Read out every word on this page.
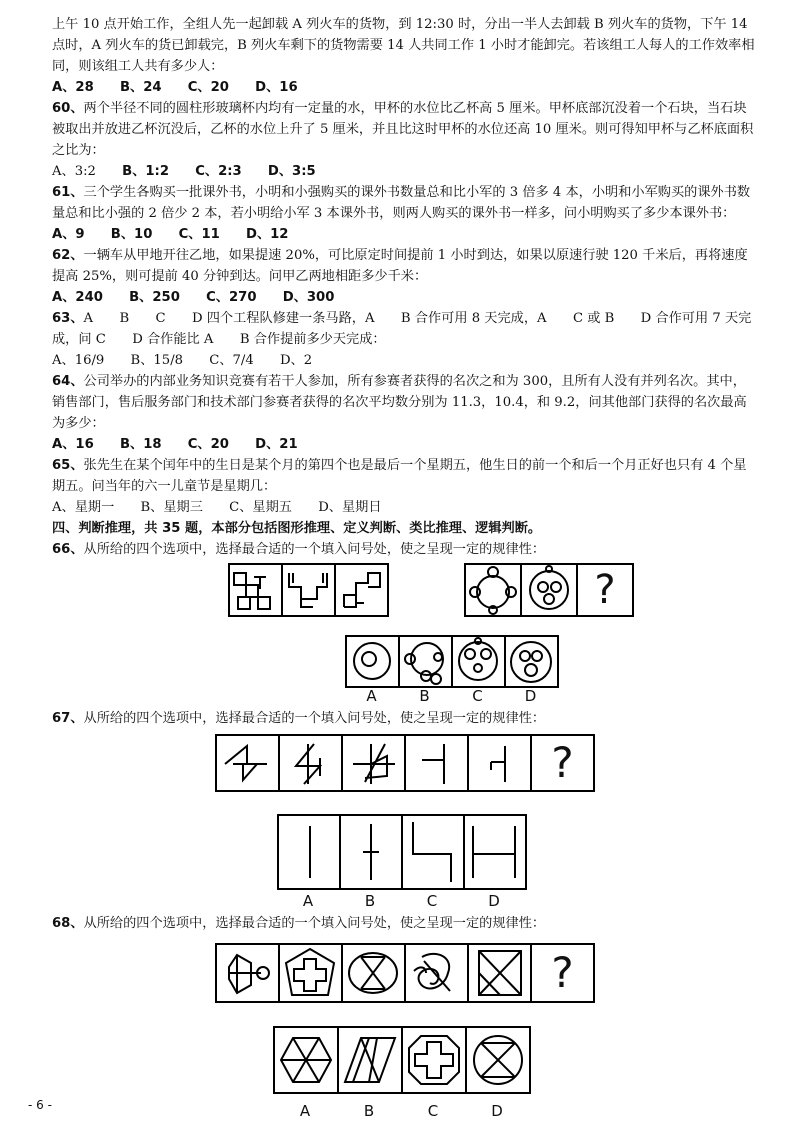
上午 10 点开始工作，全组人先一起卸载 A 列火车的货物，到 12:30 时，分出一半人去卸载 B 列火车的货物，下午 14 点时，A 列火车的货已卸载完，B 列火车剩下的货物需要 14 人共同工作 1 小时才能卸完。若该组工人每人的工作效率相同，则该组工人共有多少人：
A、28 B、24 C、20 D、16
60、两个半径不同的圆柱形玻璃杯内均有一定量的水，甲杯的水位比乙杯高 5 厘米。甲杯底部沉没着一个石块，当石块被取出并放进乙杯沉没后，乙杯的水位上升了 5 厘米，并且比这时甲杯的水位还高 10 厘米。则可得知甲杯与乙杯底面积之比为：
A、3:2 B、1:2 C、2:3 D、3:5
61、三个学生各购买一批课外书，小明和小强购买的课外书数量总和比小军的 3 倍多 4 本，小明和小军购买的课外书数量总和比小强的 2 倍少 2 本，若小明给小军 3 本课外书，则两人购买的课外书一样多，问小明购买了多少本课外书：
A、9 B、10 C、11 D、12
62、一辆车从甲地开往乙地，如果提速 20%，可比原定时间提前 1 小时到达，如果以原速行驶 120 千米后，再将速度提高 25%，则可提前 40 分钟到达。问甲乙两地相距多少千米：
A、240 B、250 C、270 D、300
63、A　　B　　C　　D 四个工程队修建一条马路，A　　B 合作可用 8 天完成，A　　C 或 B　　D 合作可用 7 天完成，问 C　　D 合作能比 A　　B 合作提前多少天完成：
A、16/9 B、15/8 C、7/4 D、2
64、公司举办的内部业务知识竞赛有若干人参加，所有参赛者获得的名次之和为 300，且所有人没有并列名次。其中，销售部门，售后服务部门和技术部门参赛者获得的名次平均数分别为 11.3，10.4，和 9.2，问其他部门获得的名次最高为多少：
A、16 B、18 C、20 D、21
65、张先生在某个闰年中的生日是某个月的第四个也是最后一个星期五，他生日的前一个和后一个月正好也只有 4 个星期五。问当年的六一儿童节是星期几：
A、星期一 B、星期三 C、星期五 D、星期日
四、判断推理，共 35 题，本部分包括图形推理、定义判断、类比推理、逻辑判断。
66、从所给的四个选项中，选择最合适的一个填入问号处，使之呈现一定的规律性：
?
A	B	C	D
67、从所给的四个选项中，选择最合适的一个填入问号处，使之呈现一定的规律性：
?
A	B	C	D
68、从所给的四个选项中，选择最合适的一个填入问号处，使之呈现一定的规律性：
?
A	B	C	D
- 6 -
